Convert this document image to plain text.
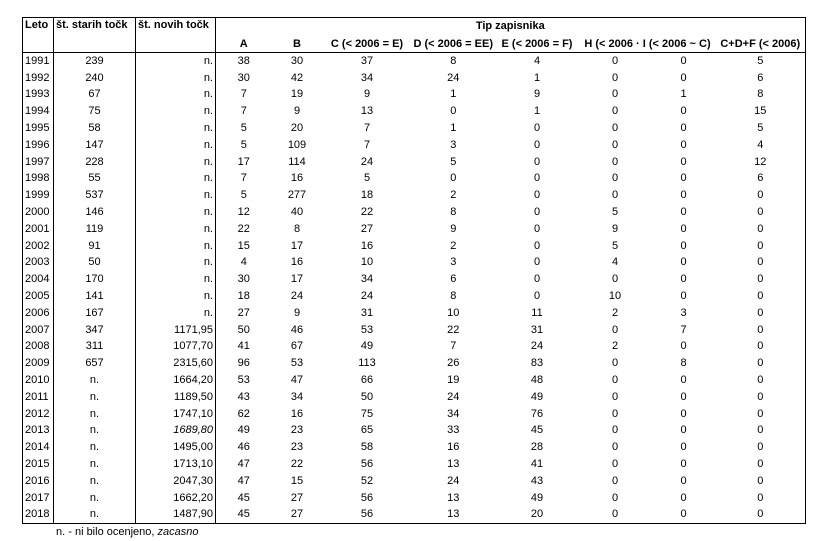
Leto	št. starih točk	št. novih točk	Tip zapisnika							
			A	B	C (< 2006 = E)	D (< 2006 = EE)	E (< 2006 = F)	H (< 2006 · I (< 2006 ~ C)		C+D+F (< 2006)
1991	239	n.	38	30	37	8	4	0	0	5
1992	240	n.	30	42	34	24	1	0	0	6
1993	67	n.	7	19	9	1	9	0	1	8
1994	75	n.	7	9	13	0	1	0	0	15
1995	58	n.	5	20	7	1	0	0	0	5
1996	147	n.	5	109	7	3	0	0	0	4
1997	228	n.	17	114	24	5	0	0	0	12
1998	55	n.	7	16	5	0	0	0	0	6
1999	537	n.	5	277	18	2	0	0	0	0
2000	146	n.	12	40	22	8	0	5	0	0
2001	119	n.	22	8	27	9	0	9	0	0
2002	91	n.	15	17	16	2	0	5	0	0
2003	50	n.	4	16	10	3	0	4	0	0
2004	170	n.	30	17	34	6	0	0	0	0
2005	141	n.	18	24	24	8	0	10	0	0
2006	167	n.	27	9	31	10	11	2	3	0
2007	347	1171,95	50	46	53	22	31	0	7	0
2008	311	1077,70	41	67	49	7	24	2	0	0
2009	657	2315,60	96	53	113	26	83	0	8	0
2010	n.	1664,20	53	47	66	19	48	0	0	0
2011	n.	1189,50	43	34	50	24	49	0	0	0
2012	n.	1747,10	62	16	75	34	76	0	0	0
2013	n.	1689,80	49	23	65	33	45	0	0	0
2014	n.	1495,00	46	23	58	16	28	0	0	0
2015	n.	1713,10	47	22	56	13	41	0	0	0
2016	n.	2047,30	47	15	52	24	43	0	0	0
2017	n.	1662,20	45	27	56	13	49	0	0	0
2018	n.	1487,90	45	27	56	13	20	0	0	0
n. - ni bilo ocenjeno, zacasno
